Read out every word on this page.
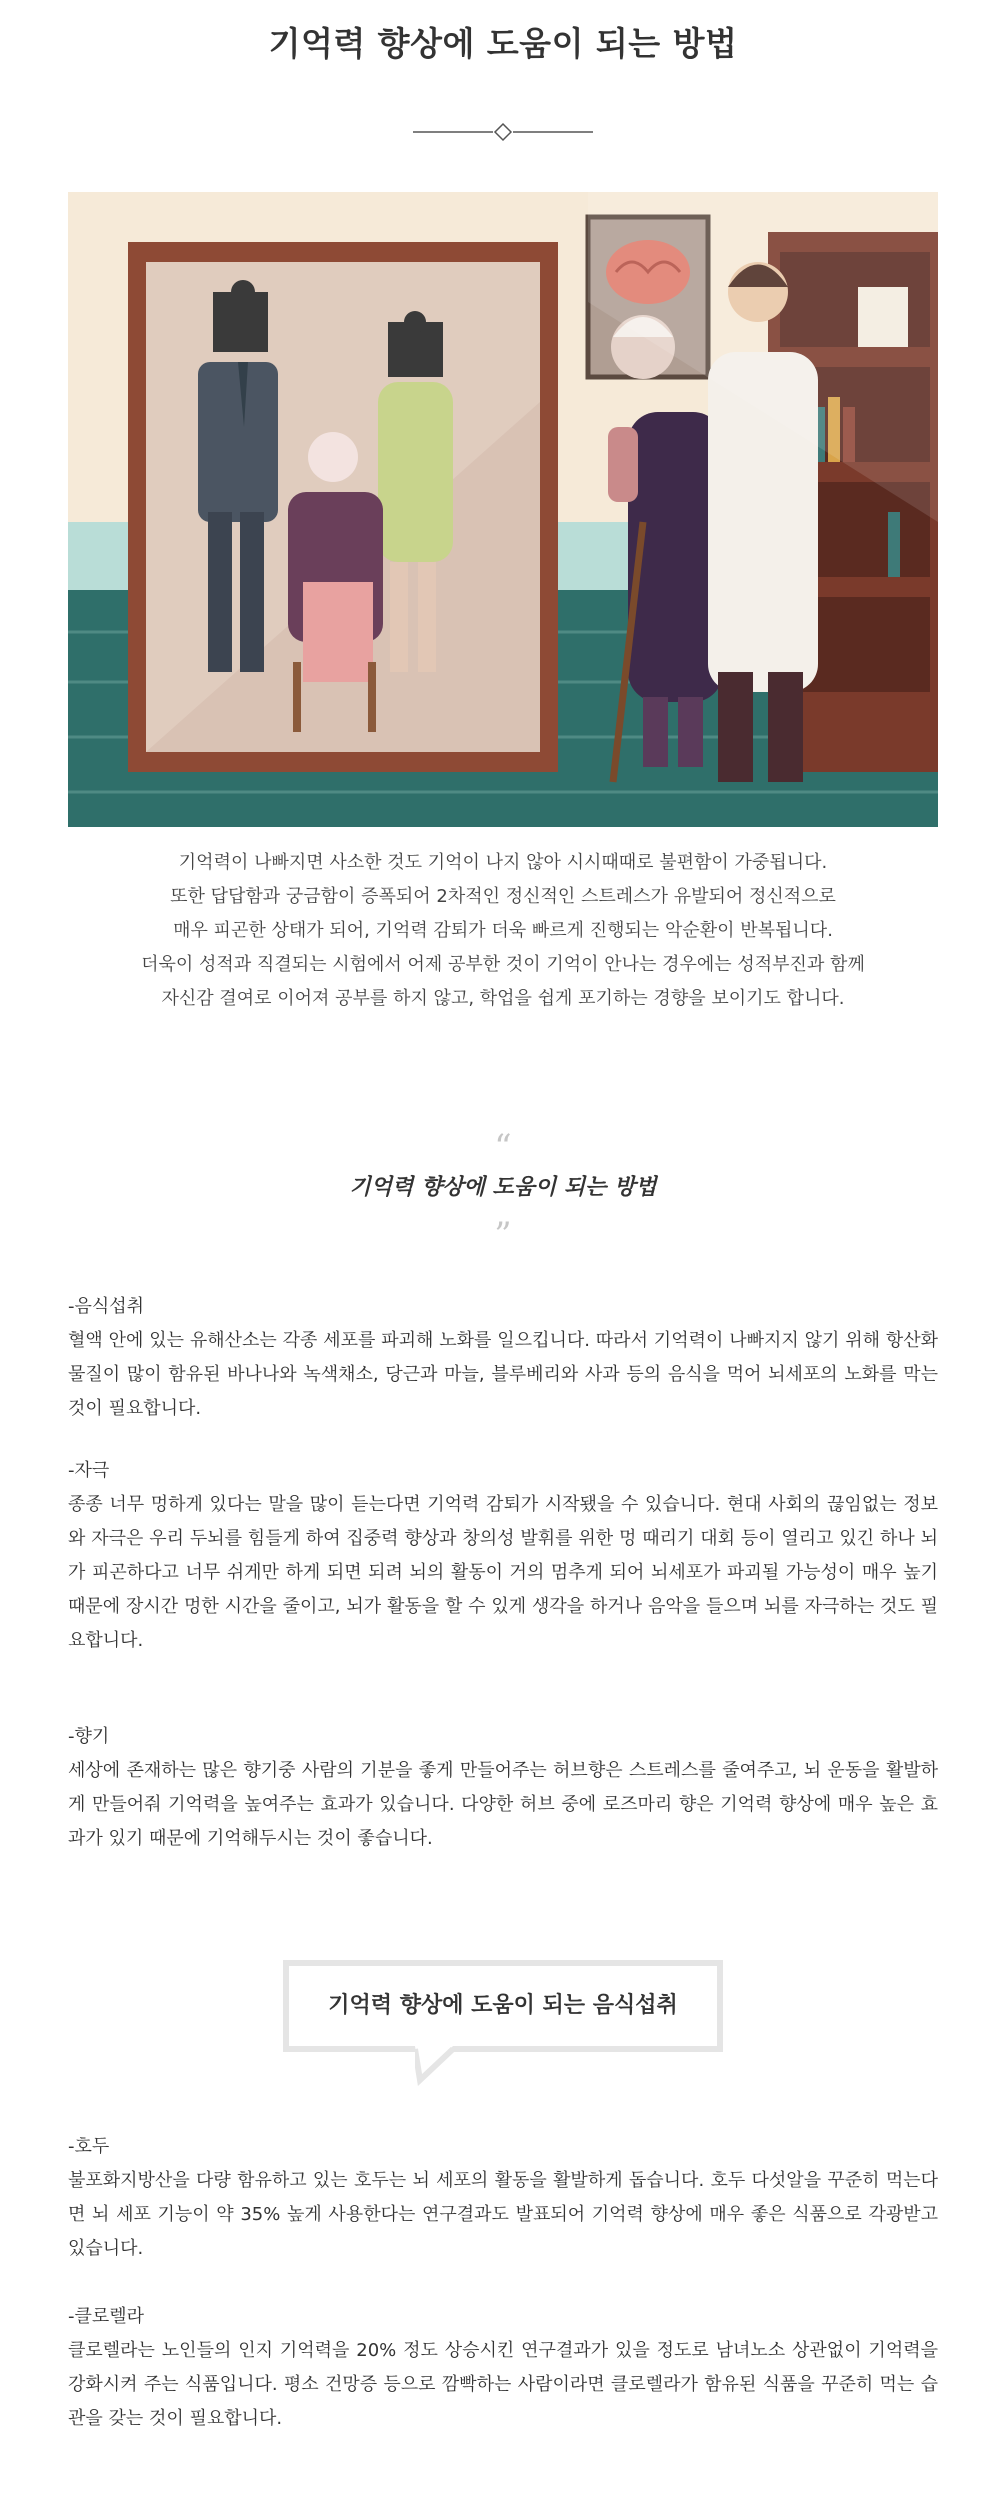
기억력 향상에 도움이 되는 방법
기억력이 나빠지면 사소한 것도 기억이 나지 않아 시시때때로 불편함이 가중됩니다.
또한 답답함과 궁금함이 증폭되어 2차적인 정신적인 스트레스가 유발되어 정신적으로
매우 피곤한 상태가 되어, 기억력 감퇴가 더욱 빠르게 진행되는 악순환이 반복됩니다.
더욱이 성적과 직결되는 시험에서 어제 공부한 것이 기억이 안나는 경우에는 성적부진과 함께
자신감 결여로 이어져 공부를 하지 않고, 학업을 쉽게 포기하는 경향을 보이기도 합니다.
“
기억력 향상에 도움이 되는 방법
”
-음식섭취
혈액 안에 있는 유해산소는 각종 세포를 파괴해 노화를 일으킵니다. 따라서 기억력이 나빠지지 않기 위해 항산화물질이 많이 함유된 바나나와 녹색채소, 당근과 마늘, 블루베리와 사과 등의 음식을 먹어 뇌세포의 노화를 막는 것이 필요합니다.
-자극
종종 너무 멍하게 있다는 말을 많이 듣는다면 기억력 감퇴가 시작됐을 수 있습니다. 현대 사회의 끊임없는 정보와 자극은 우리 두뇌를 힘들게 하여 집중력 향상과 창의성 발휘를 위한 멍 때리기 대회 등이 열리고 있긴 하나 뇌가 피곤하다고 너무 쉬게만 하게 되면 되려 뇌의 활동이 거의 멈추게 되어 뇌세포가 파괴될 가능성이 매우 높기 때문에 장시간 멍한 시간을 줄이고, 뇌가 활동을 할 수 있게 생각을 하거나 음악을 들으며 뇌를 자극하는 것도 필요합니다.
-향기
세상에 존재하는 많은 향기중 사람의 기분을 좋게 만들어주는 허브향은 스트레스를 줄여주고, 뇌 운동을 활발하게 만들어줘 기억력을 높여주는 효과가 있습니다. 다양한 허브 중에 로즈마리 향은 기억력 향상에 매우 높은 효과가 있기 때문에 기억해두시는 것이 좋습니다.
기억력 향상에 도움이 되는 음식섭취
-호두
불포화지방산을 다량 함유하고 있는 호두는 뇌 세포의 활동을 활발하게 돕습니다. 호두 다섯알을 꾸준히 먹는다면 뇌 세포 기능이 약 35% 높게 사용한다는 연구결과도 발표되어 기억력 향상에 매우 좋은 식품으로 각광받고 있습니다.
-클로렐라
클로렐라는 노인들의 인지 기억력을 20% 정도 상승시킨 연구결과가 있을 정도로 남녀노소 상관없이 기억력을 강화시켜 주는 식품입니다. 평소 건망증 등으로 깜빡하는 사람이라면 클로렐라가 함유된 식품을 꾸준히 먹는 습관을 갖는 것이 필요합니다.
